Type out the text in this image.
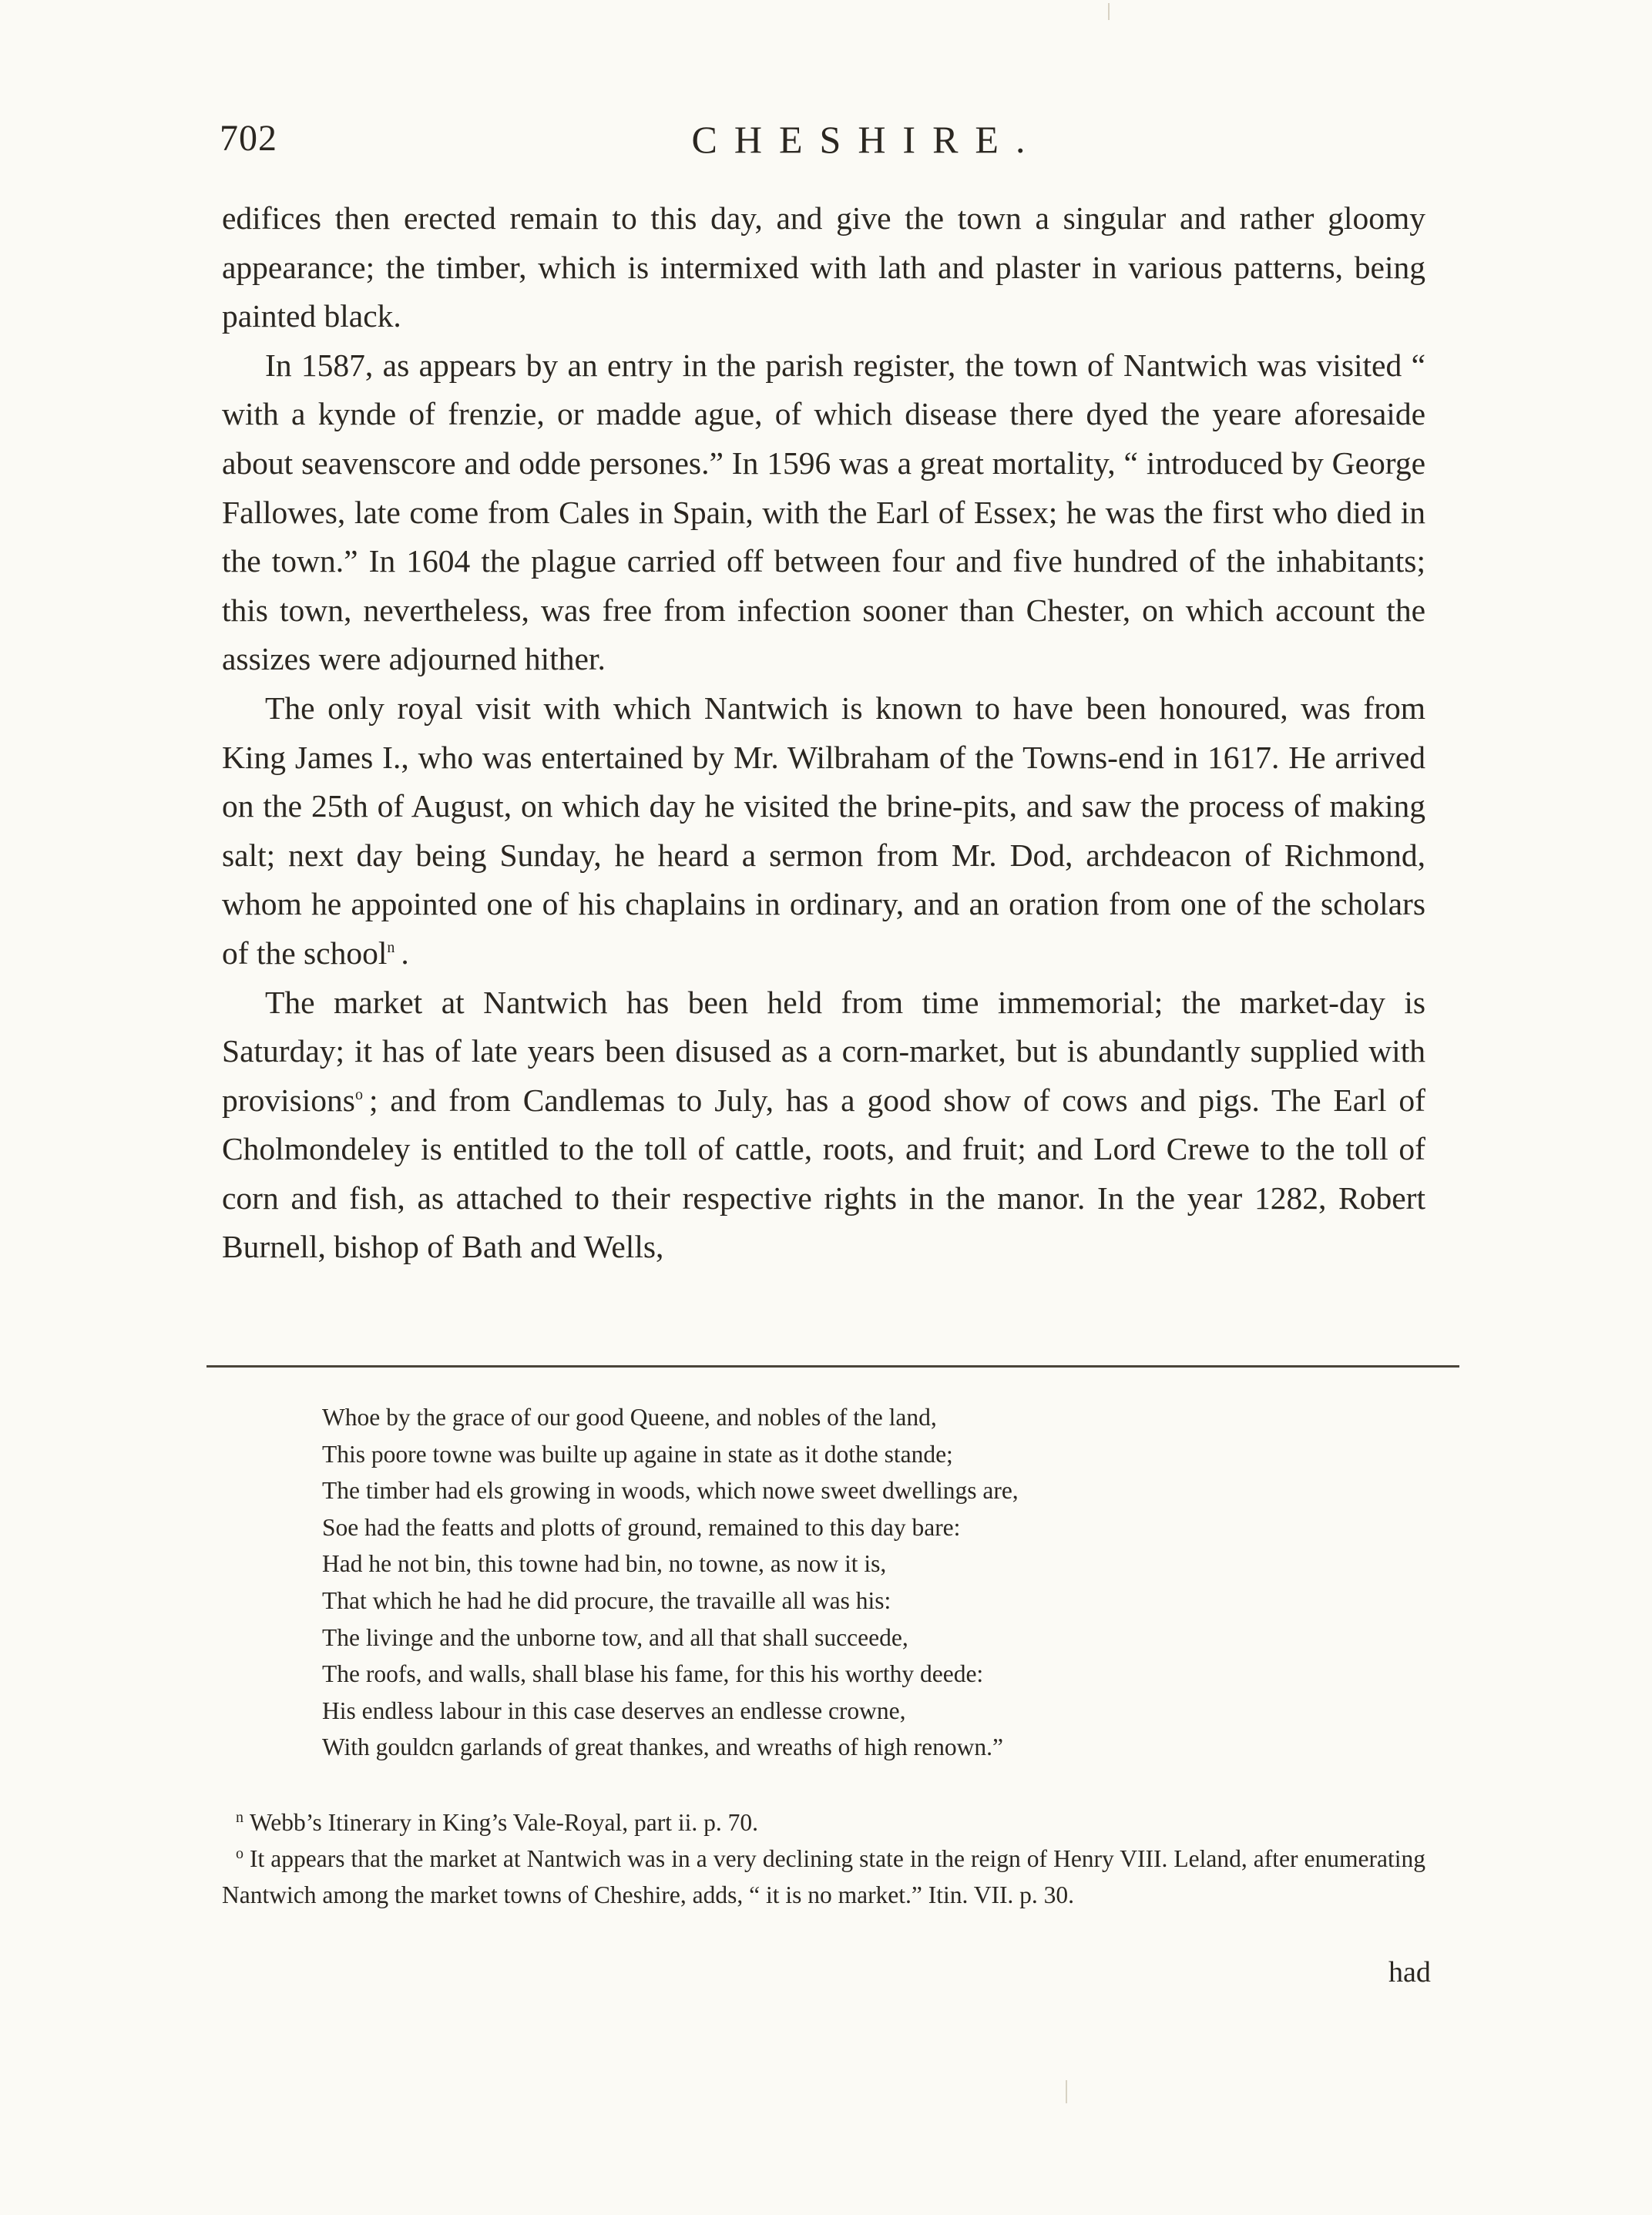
702	CHESHIRE.

edifices then erected remain to this day, and give the town a singular and rather gloomy appearance; the timber, which is intermixed with lath and plaster in various patterns, being painted black.

In 1587, as appears by an entry in the parish register, the town of Nantwich was visited “ with a kynde of frenzie, or madde ague, of which disease there dyed the yeare aforesaide about seavenscore and odde persones.” In 1596 was a great mortality, “ introduced by George Fallowes, late come from Cales in Spain, with the Earl of Essex; he was the first who died in the town.” In 1604 the plague carried off between four and five hundred of the inhabitants; this town, nevertheless, was free from infection sooner than Chester, on which account the assizes were adjourned hither.

The only royal visit with which Nantwich is known to have been honoured, was from King James I., who was entertained by Mr. Wilbraham of the Towns-end in 1617. He arrived on the 25th of August, on which day he visited the brine-pits, and saw the process of making salt; next day being Sunday, he heard a sermon from Mr. Dod, archdeacon of Richmond, whom he appointed one of his chaplains in ordinary, and an oration from one of the scholars of the school$^n$ .

The market at Nantwich has been held from time immemorial; the market-day is Saturday; it has of late years been disused as a corn-market, but is abundantly supplied with provisions$^o$ ; and from Candlemas to July, has a good show of cows and pigs. The Earl of Cholmondeley is entitled to the toll of cattle, roots, and fruit; and Lord Crewe to the toll of corn and fish, as attached to their respective rights in the manor. In the year 1282, Robert Burnell, bishop of Bath and Wells,

Whoe by the grace of our good Queene, and nobles of the land,
This poore towne was builte up againe in state as it dothe stande;
The timber had els growing in woods, which nowe sweet dwellings are,
Soe had the featts and plotts of ground, remained to this day bare:
Had he not bin, this towne had bin, no towne, as now it is,
That which he had he did procure, the travaille all was his:
The livinge and the unborne tow, and all that shall succeede,
The roofs, and walls, shall blase his fame, for this his worthy deede:
His endless labour in this case deserves an endlesse crowne,
With gouldcn garlands of great thankes, and wreaths of high renown.”

$^n$ Webb’s Itinerary in King’s Vale-Royal, part ii. p. 70.

$^o$ It appears that the market at Nantwich was in a very declining state in the reign of Henry VIII. Leland, after enumerating Nantwich among the market towns of Cheshire, adds, “ it is no market.” Itin. VII. p. 30.

had
